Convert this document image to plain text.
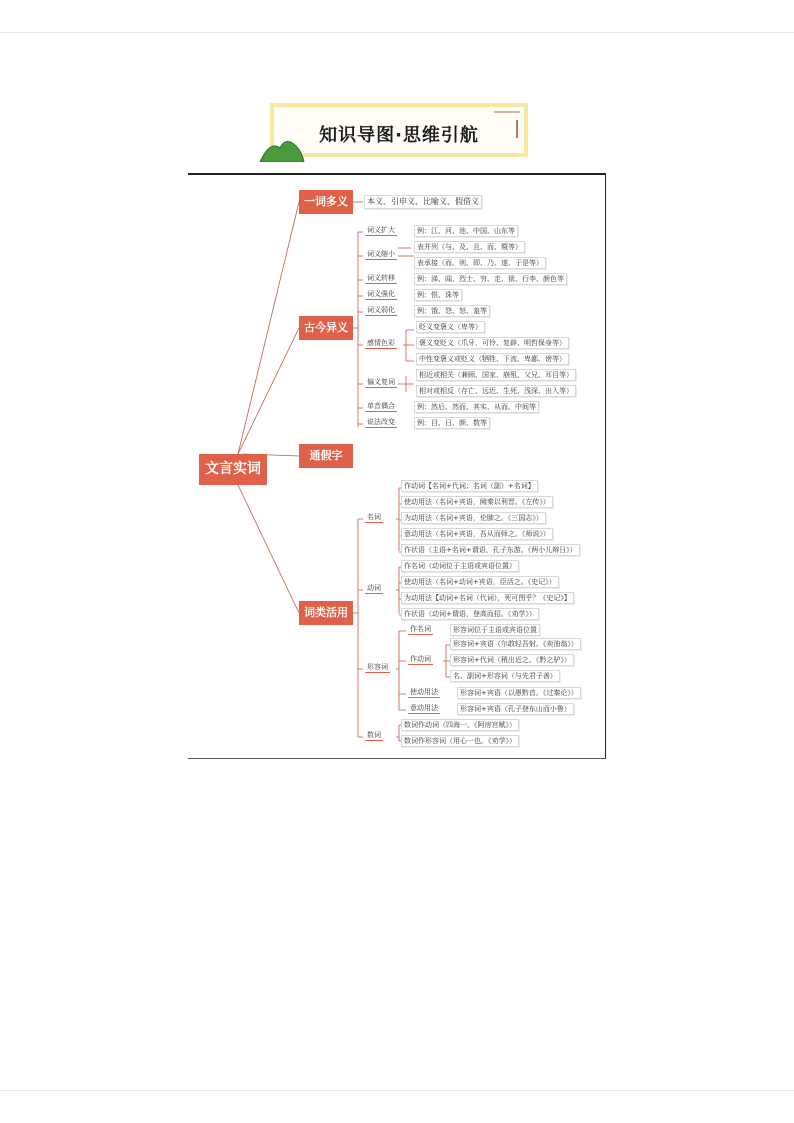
知识导图·思维引航
文言实词
一词多义
古今异义
通假字
词类活用
本义、引申义、比喻义、假借义
词义扩大	例：江、河、池、中国、山东等
词义缩小
表并列（与、及、且、而、暨等）
表承接（而、则、即、乃、遂、于是等）
词义转移	例：涕、闻、烈士、穷、走、狱、行李、颜色等
词义强化	例：恨、诛等
词义弱化	例：饿、怨、怒、羞等
感情色彩
贬义变褒义（卑等）
褒义变贬义（爪牙、可怜、复辟、明哲保身等）
中性变褒义或贬义（牺牲、下流、卑鄙、谤等）
偏义复词
相近或相关（兼顾、国家、崩殂、父兄、耳目等）
相对或相反（存亡、远近、生死、浅深、出入等）
单音偶合	例：然后、然而、其实、从而、中间等
说法改变	例：目、日、颜、数等
名词
作动词【名词+代词；名词（副）+名词】
使动用法（名词+宾语，阙秦以利晋。《左传》）
为动用法（名词+宾语，伦肺之。《三国志》）
意动用法（名词+宾语，吾从而师之。《师说》）
作状语（主语+名词+谓语，孔子东游。《两小儿辩日》）
动词
作名词（动词位于主语或宾语位置）
使动用法（名词+动词+宾语，臣活之。《史记》）
为动用法【动词+名词（代词），死可图乎？《史记》】
作状语（动词+谓语，登高而招。《劝学》）
形容词
作名词	形容词位于主语或宾语位置
作动词
形容词+宾语（尔敢轻吾射。《卖油翁》）
形容词+代词（稍出近之。《黔之驴》）
名、副词+形容词（与先君子善）
使动用法	形容词+宾语（以愚黔首。《过秦论》）
意动用法	形容词+宾语（孔子登东山而小鲁）
数词
数词作动词（四海一。《阿房宫赋》）
数词作形容词（用心一也。《劝学》）
